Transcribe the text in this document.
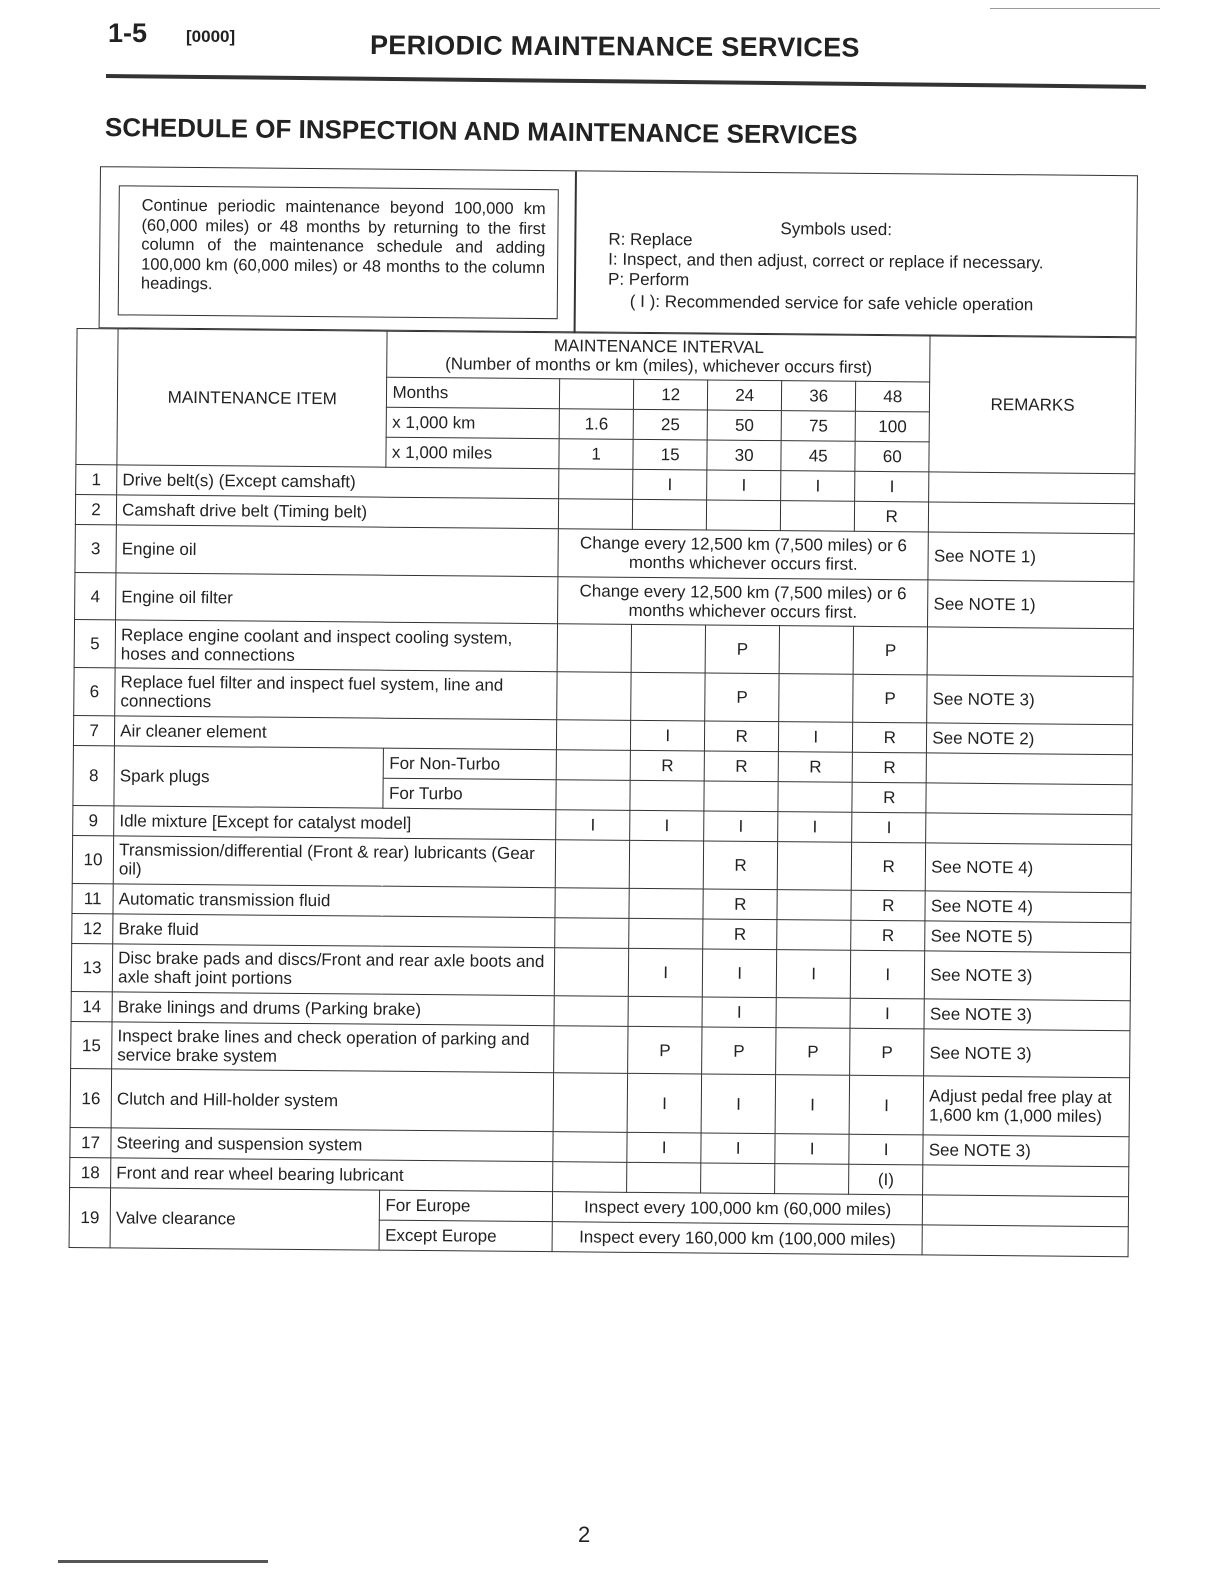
1-5 [0000]	PERIODIC MAINTENANCE SERVICES
SCHEDULE OF INSPECTION AND MAINTENANCE SERVICES
Continue periodic maintenance beyond 100,000 km (60,000 miles) or 48 months by returning to the first column of the maintenance schedule and adding 100,000 km (60,000 miles) or 48 months to the column headings.
Symbols used:
R: Replace
I: Inspect, and then adjust, correct or replace if necessary.
P: Perform
( I ): Recommended service for safe vehicle operation
	MAINTENANCE ITEM	MAINTENANCE INTERVAL
(Number of months or km (miles), whichever occurs first)						REMARKS
		Months		12	24	36	48	
		x 1,000 km	1.6	25	50	75	100	
		x 1,000 miles	1	15	30	45	60	
1	Drive belt(s) (Except camshaft)			I	I	I	I	
2	Camshaft drive belt (Timing belt)						R	
3	Engine oil		Change every 12,500 km (7,500 miles) or 6 months whichever occurs first.					See NOTE 1)
4	Engine oil filter		Change every 12,500 km (7,500 miles) or 6 months whichever occurs first.					See NOTE 1)
5	Replace engine coolant and inspect cooling system, hoses and connections				P		P	
6	Replace fuel filter and inspect fuel system, line and connections				P		P	See NOTE 3)
7	Air cleaner element			I	R	I	R	See NOTE 2)
8	Spark plugs	For Non-Turbo		R	R	R	R	
		For Turbo					R	
9	Idle mixture [Except for catalyst model]		I	I	I	I	I	
10	Transmission/differential (Front & rear) lubricants (Gear oil)				R		R	See NOTE 4)
11	Automatic transmission fluid				R		R	See NOTE 4)
12	Brake fluid				R		R	See NOTE 5)
13	Disc brake pads and discs/Front and rear axle boots and axle shaft joint portions			I	I	I	I	See NOTE 3)
14	Brake linings and drums (Parking brake)				I		I	See NOTE 3)
15	Inspect brake lines and check operation of parking and service brake system			P	P	P	P	See NOTE 3)
16	Clutch and Hill-holder system			I	I	I	I	Adjust pedal free play at 1,600 km (1,000 miles)
17	Steering and suspension system			I	I	I	I	See NOTE 3)
18	Front and rear wheel bearing lubricant						(I)	
19	Valve clearance	For Europe	Inspect every 100,000 km (60,000 miles)					
		Except Europe	Inspect every 160,000 km (100,000 miles)					
2
